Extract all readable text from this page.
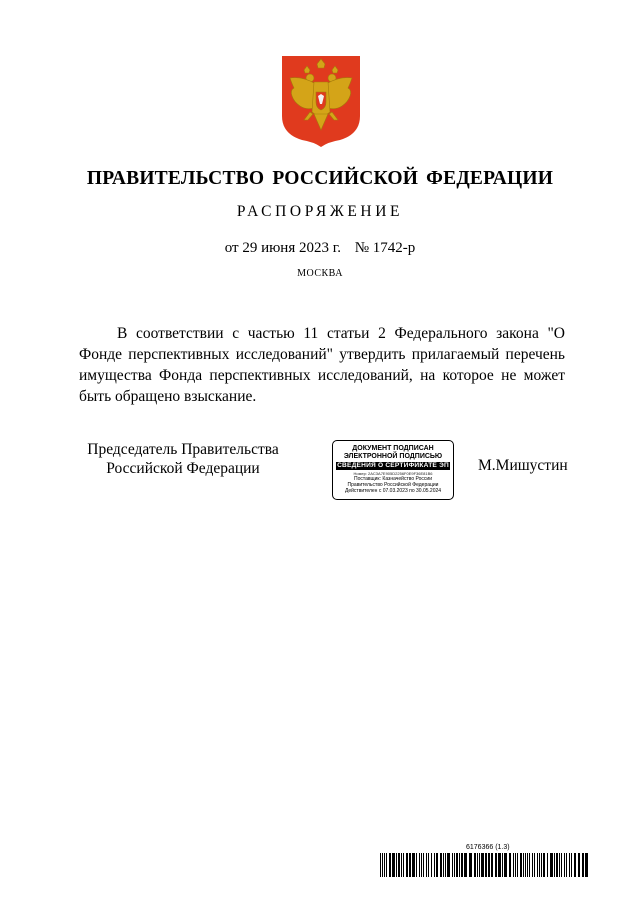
ПРАВИТЕЛЬСТВО РОССИЙСКОЙ ФЕДЕРАЦИИ
РАСПОРЯЖЕНИЕ
от 29 июня 2023 г. № 1742-р
МОСКВА
В соответствии с частью 11 статьи 2 Федерального закона "О Фонде перспективных исследований" утвердить прилагаемый перечень имущества Фонда перспективных исследований, на которое не может быть обращено взыскание.
Председатель Правительства
Российской Федерации
ДОКУМЕНТ ПОДПИСАН
ЭЛЕКТРОННОЙ ПОДПИСЬЮ
СВЕДЕНИЯ О СЕРТИФИКАТЕ ЭП
Номер: 2AC3A7E905D2256F0E9F36E81B6
Поставщик: Казначейство России
Правительство Российской Федерации
Действителен с 07.03.2023 по 30.05.2024
М.Мишустин
6176366 (1.3)
